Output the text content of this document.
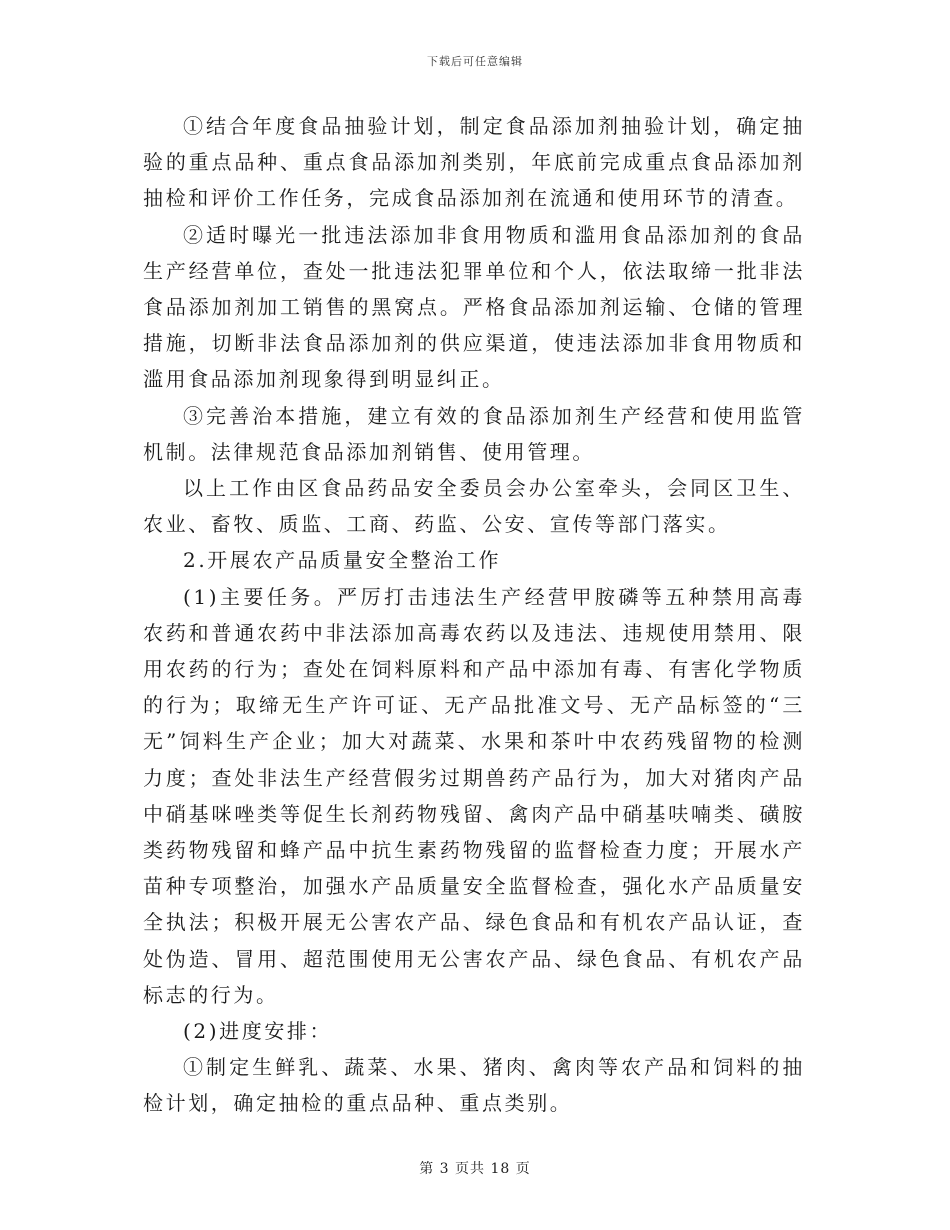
下载后可任意编辑

①结合年度食品抽验计划，制定食品添加剂抽验计划，确定抽验的重点品种、重点食品添加剂类别，年底前完成重点食品添加剂抽检和评价工作任务，完成食品添加剂在流通和使用环节的清查。

②适时曝光一批违法添加非食用物质和滥用食品添加剂的食品生产经营单位，查处一批违法犯罪单位和个人，依法取缔一批非法食品添加剂加工销售的黑窝点。严格食品添加剂运输、仓储的管理措施，切断非法食品添加剂的供应渠道，使违法添加非食用物质和滥用食品添加剂现象得到明显纠正。

③完善治本措施，建立有效的食品添加剂生产经营和使用监管机制。法律规范食品添加剂销售、使用管理。

以上工作由区食品药品安全委员会办公室牵头，会同区卫生、农业、畜牧、质监、工商、药监、公安、宣传等部门落实。

2.开展农产品质量安全整治工作

(1)主要任务。严厉打击违法生产经营甲胺磷等五种禁用高毒农药和普通农药中非法添加高毒农药以及违法、违规使用禁用、限用农药的行为；查处在饲料原料和产品中添加有毒、有害化学物质的行为；取缔无生产许可证、无产品批准文号、无产品标签的“三无”饲料生产企业；加大对蔬菜、水果和茶叶中农药残留物的检测力度；查处非法生产经营假劣过期兽药产品行为，加大对猪肉产品中硝基咪唑类等促生长剂药物残留、禽肉产品中硝基呋喃类、磺胺类药物残留和蜂产品中抗生素药物残留的监督检查力度；开展水产苗种专项整治，加强水产品质量安全监督检查，强化水产品质量安全执法；积极开展无公害农产品、绿色食品和有机农产品认证，查处伪造、冒用、超范围使用无公害农产品、绿色食品、有机农产品标志的行为。

(2)进度安排：

①制定生鲜乳、蔬菜、水果、猪肉、禽肉等农产品和饲料的抽检计划，确定抽检的重点品种、重点类别。

第 3 页共 18 页
